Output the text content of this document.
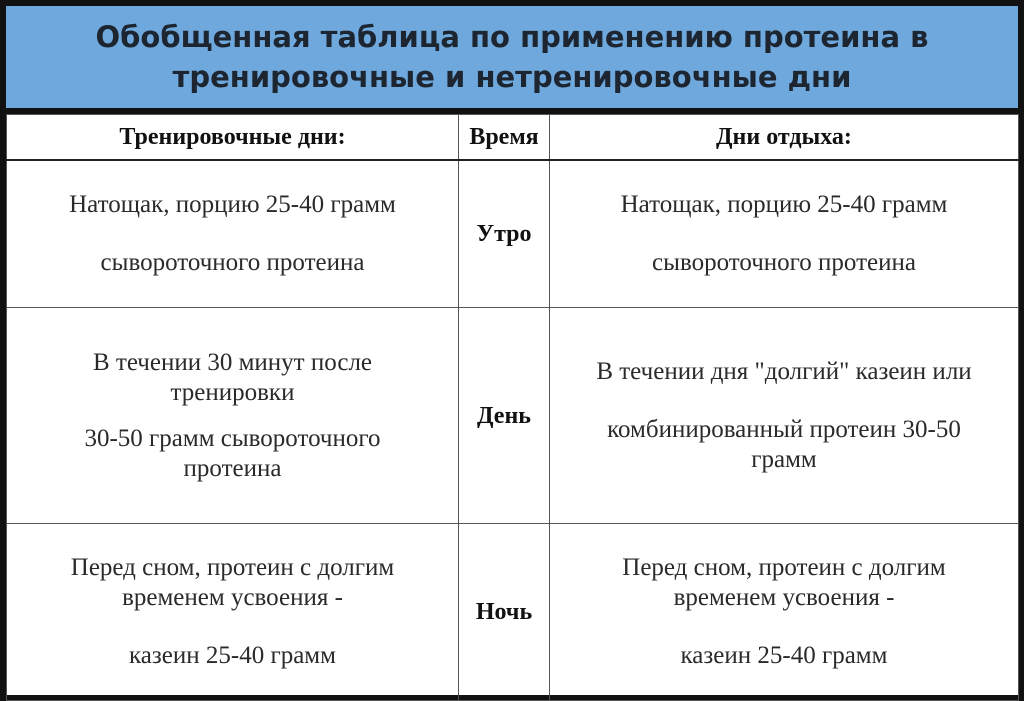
Обобщенная таблица по применению протеина в
тренировочные и нетренировочные дни
Тренировочные дни:	Время	Дни отдыха:

Натощак, порцию 25-40 грамм
сывороточного протеина	Утро	Натощак, порцию 25-40 грамм
сывороточного протеина

В течении 30 минут после
тренировки
30-50 грамм сывороточного
протеина	День	В течении дня "долгий" казеин или
комбинированный протеин 30-50
грамм

Перед сном, протеин с долгим
временем усвоения -
казеин 25-40 грамм	Ночь	Перед сном, протеин с долгим
временем усвоения -
казеин 25-40 грамм
